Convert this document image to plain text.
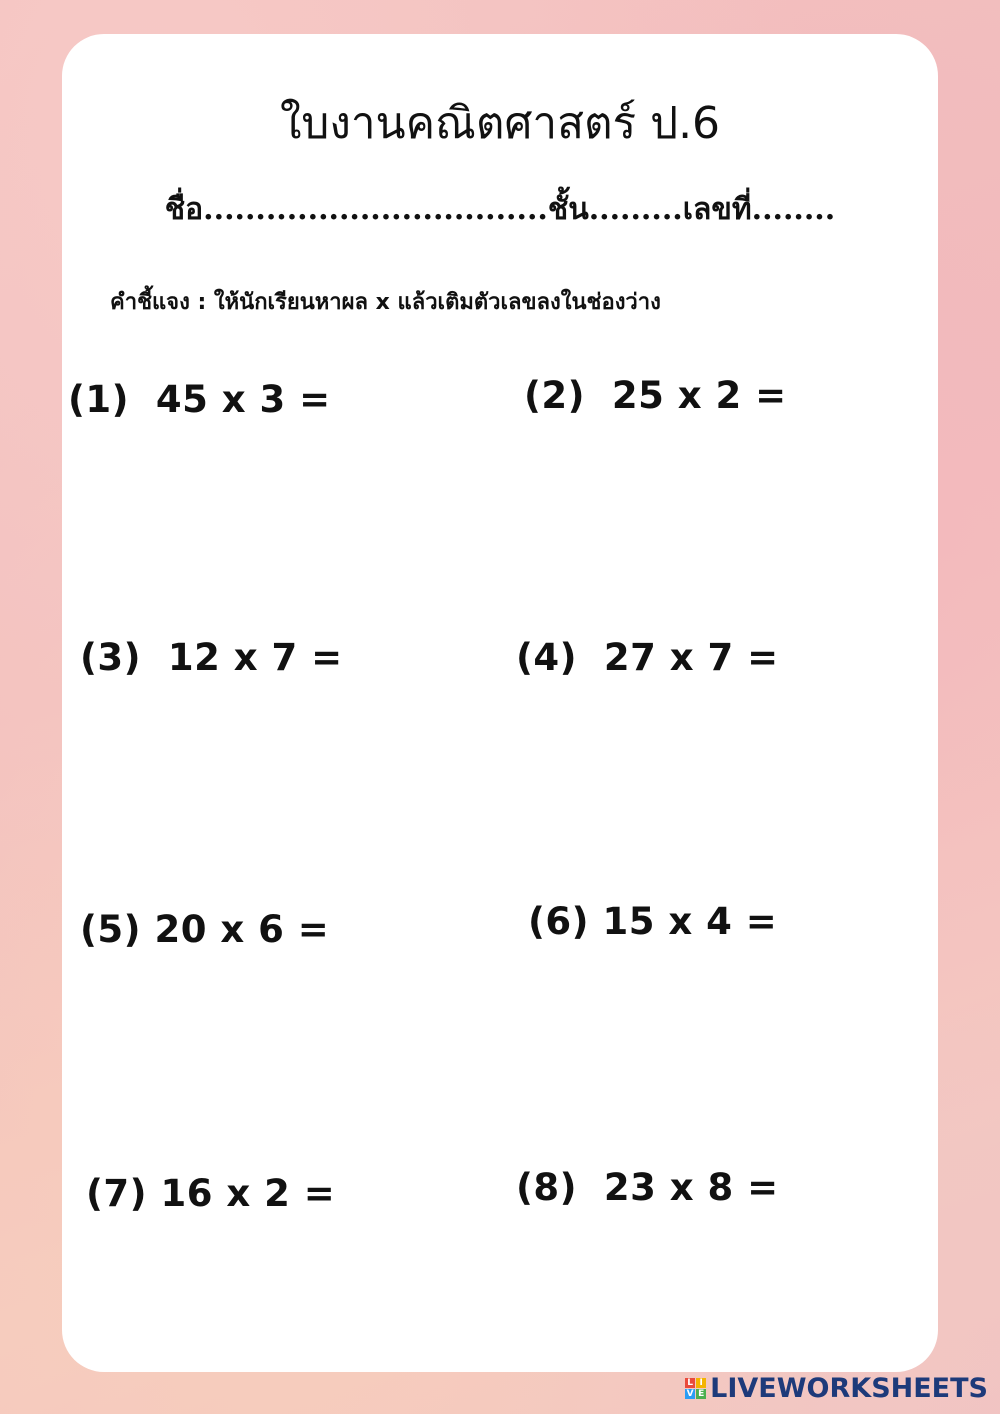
ใบงานคณิตศาสตร์ ป.6
ชื่อ.................................ชั้น.........เลขที่........
คำชี้แจง : ให้นักเรียนหาผล x แล้วเติมตัวเลขลงในช่องว่าง
(1)  45 x 3 =	(2)  25 x 2 =
(3)  12 x 7 =	(4)  27 x 7 =
(5) 20 x 6 =	(6) 15 x 4 =
(7) 16 x 2 =	(8)  23 x 8 =
L I
V E LIVEWORKSHEETS
